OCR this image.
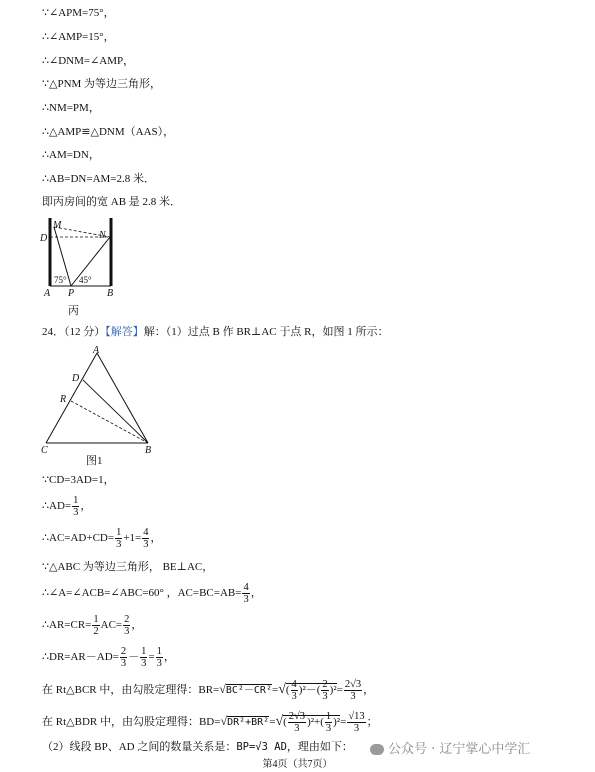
∵∠APM=75°，
∴∠AMP=15°，
∴∠DNM=∠AMP，
∵△PNM 为等边三角形，
∴NM=PM，
∴△AMP≌△DNM（AAS），
∴AM=DN，
∴AB=DN=AM=2.8 米．
即丙房间的宽 AB 是 2.8 米．
M
D	N
75° 45°
A P	B
丙
24．（12 分）【解答】解：（1）过点 B 作 BR⊥AC 于点 R，如图 1 所示：
A
D
R
C	B
图1
∵CD=3AD=1，
∴AD= $\frac{1}{3}$ ，
∴AC=AD+CD= $\frac{1}{3} +1= \frac{4}{3}$ ，
∵△ABC 为等边三角形， BE⊥AC，
∴∠A=∠ACB=∠ABC=60° ，$AC=BC=AB= \frac{4}{3}$ ，
∴AR=CR= $\frac{1}{2} AC= \frac{2}{3}$ ，
∴DR=AR－AD= $\frac{2}{3} - \frac{1}{3} = \frac{1}{3}$ ，
在 Rt△BCR 中，由勾股定理得：$BR=√BC^2-CR^2=√( \frac{4}{3} )^2-( \frac{2}{3} )^2= \frac{2√3}{3}$ ，
在 Rt△BDR 中，由勾股定理得：$BD=√DR^2+BR^2=√( \frac{2√3}{3} )^2+( \frac{1}{3} )^2= \frac{√13}{3}$ ；
（2）线段 BP、AD 之间的数量关系是：BP=√3 AD，理由如下：	公众号 · 辽宁掌心中学汇
第4页（共7页）
